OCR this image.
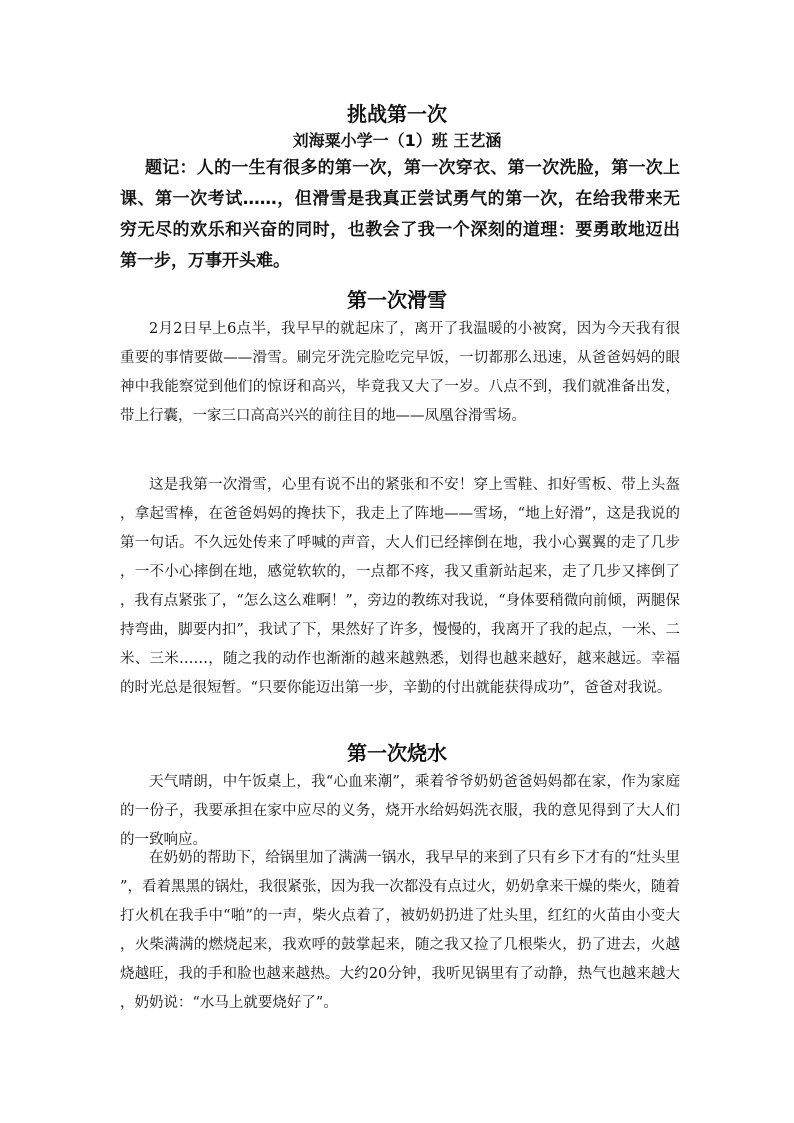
挑战第一次
刘海粟小学一（1）班 王艺涵

题记：人的一生有很多的第一次，第一次穿衣、第一次洗脸，第一次上课、第一次考试……，但滑雪是我真正尝试勇气的第一次，在给我带来无穷无尽的欢乐和兴奋的同时，也教会了我一个深刻的道理：要勇敢地迈出第一步，万事开头难。

第一次滑雪

2月2日早上6点半，我早早的就起床了，离开了我温暖的小被窝，因为今天我有很重要的事情要做——滑雪。刷完牙洗完脸吃完早饭，一切都那么迅速，从爸爸妈妈的眼神中我能察觉到他们的惊讶和高兴，毕竟我又大了一岁。八点不到，我们就准备出发，带上行囊，一家三口高高兴兴的前往目的地——凤凰谷滑雪场。

这是我第一次滑雪，心里有说不出的紧张和不安！穿上雪鞋、扣好雪板、带上头盔，拿起雪棒，在爸爸妈妈的搀扶下，我走上了阵地——雪场，“地上好滑”，这是我说的第一句话。不久远处传来了呼喊的声音，大人们已经摔倒在地，我小心翼翼的走了几步，一不小心摔倒在地，感觉软软的，一点都不疼，我又重新站起来，走了几步又摔倒了，我有点紧张了，“怎么这么难啊！”，旁边的教练对我说，“身体要稍微向前倾，两腿保持弯曲，脚要内扣”，我试了下，果然好了许多，慢慢的，我离开了我的起点，一米、二米、三米……，随之我的动作也渐渐的越来越熟悉，划得也越来越好，越来越远。幸福的时光总是很短暂。“只要你能迈出第一步，辛勤的付出就能获得成功”，爸爸对我说。

第一次烧水

天气晴朗，中午饭桌上，我“心血来潮”，乘着爷爷奶奶爸爸妈妈都在家，作为家庭的一份子，我要承担在家中应尽的义务，烧开水给妈妈洗衣服，我的意见得到了大人们的一致响应。

在奶奶的帮助下，给锅里加了满满一锅水，我早早的来到了只有乡下才有的“灶头里”，看着黑黑的锅灶，我很紧张，因为我一次都没有点过火，奶奶拿来干燥的柴火，随着打火机在我手中“啪”的一声，柴火点着了，被奶奶扔进了灶头里，红红的火苗由小变大，火柴满满的燃烧起来，我欢呼的鼓掌起来，随之我又捡了几根柴火，扔了进去，火越烧越旺，我的手和脸也越来越热。大约20分钟，我听见锅里有了动静，热气也越来越大，奶奶说：“水马上就要烧好了”。
